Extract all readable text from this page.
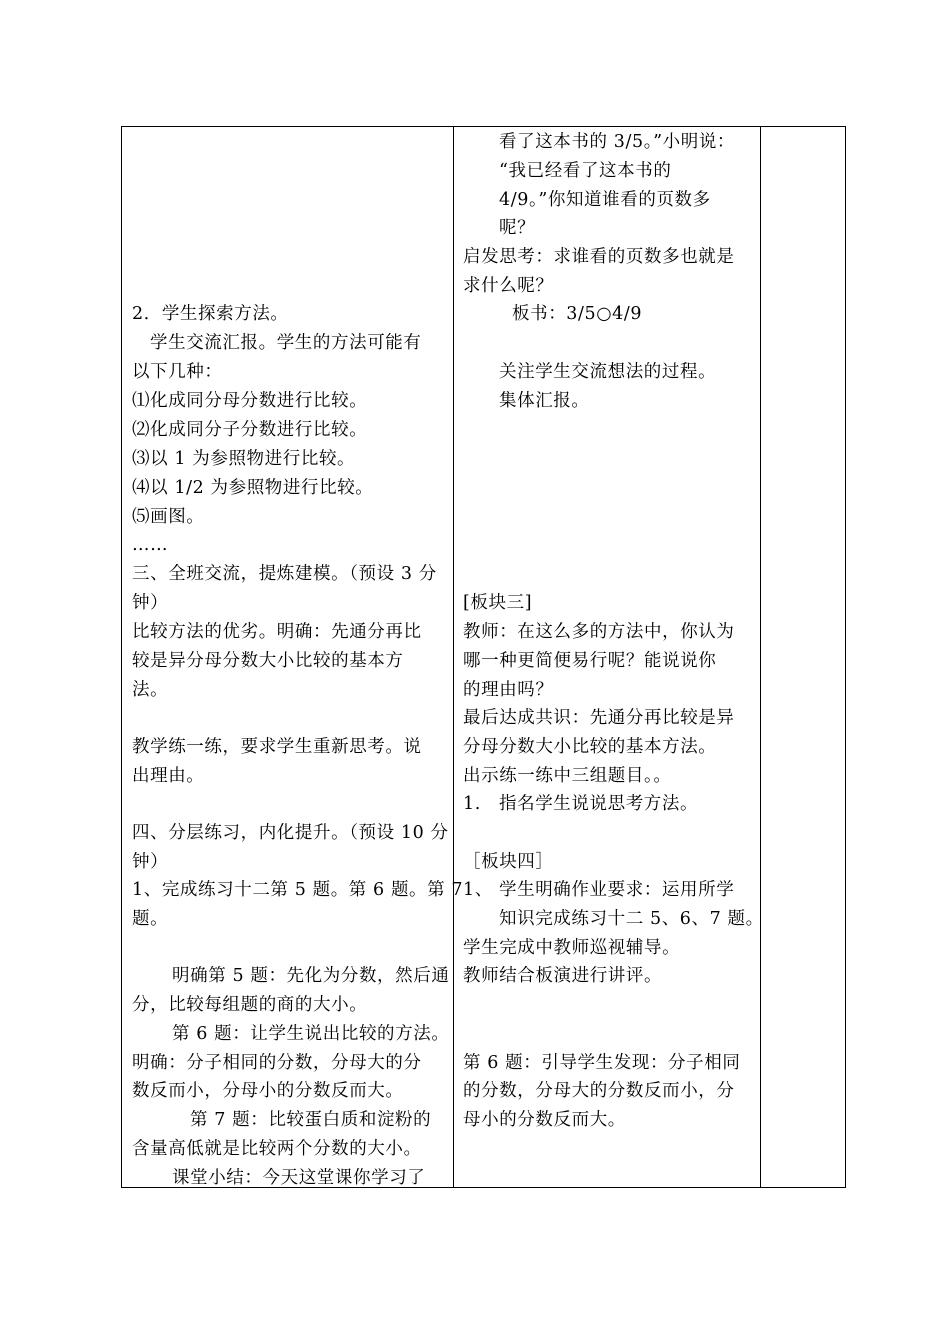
2．学生探索方法。
学生交流汇报。学生的方法可能有
以下几种：
⑴化成同分母分数进行比较。
⑵化成同分子分数进行比较。
⑶以 1 为参照物进行比较。
⑷以 1/2 为参照物进行比较。
⑸画图。
……
三、全班交流，提炼建模。（预设 3 分
钟）
比较方法的优劣。明确：先通分再比
较是异分母分数大小比较的基本方
法。
教学练一练，要求学生重新思考。说
出理由。
四、分层练习，内化提升。（预设 10 分
钟）
1、完成练习十二第 5 题。第 6 题。第 7
题。
明确第 5 题：先化为分数，然后通
分，比较每组题的商的大小。
第 6 题：让学生说出比较的方法。
明确：分子相同的分数，分母大的分
数反而小，分母小的分数反而大。
第 7 题：比较蛋白质和淀粉的
含量高低就是比较两个分数的大小。
课堂小结：今天这堂课你学习了
看了这本书的 3/5。”小明说：
“我已经看了这本书的
4/9。”你知道谁看的页数多
呢？
启发思考：求谁看的页数多也就是
求什么呢？
板书：3/5○4/9
关注学生交流想法的过程。
集体汇报。
[板块三]
教师：在这么多的方法中，你认为
哪一种更简便易行呢？能说说你
的理由吗？
最后达成共识：先通分再比较是异
分母分数大小比较的基本方法。
出示练一练中三组题目。。
1.　指名学生说说思考方法。
［板块四］
1、 学生明确作业要求：运用所学
知识完成练习十二 5、6、7 题。
学生完成中教师巡视辅导。
教师结合板演进行讲评。
第 6 题：引导学生发现：分子相同
的分数，分母大的分数反而小，分
母小的分数反而大。
